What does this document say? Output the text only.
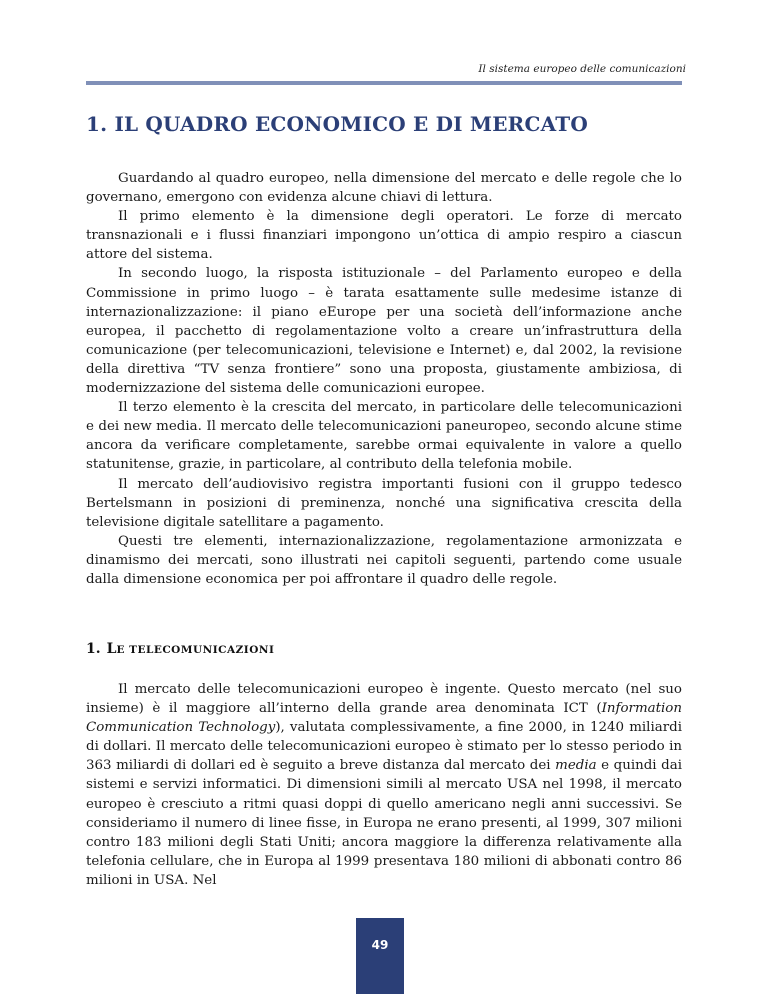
Il sistema europeo delle comunicazioni
1. IL QUADRO ECONOMICO E DI MERCATO

Guardando al quadro europeo, nella dimensione del mercato e delle regole che lo governano, emergono con evidenza alcune chiavi di lettura.

Il primo elemento è la dimensione degli operatori. Le forze di mercato transnazionali e i flussi finanziari impongono un’ottica di ampio respiro a ciascun attore del sistema.

In secondo luogo, la risposta istituzionale – del Parlamento europeo e della Commissione in primo luogo – è tarata esattamente sulle medesime istanze di internazionalizzazione: il piano eEurope per una società dell’informazione anche europea, il pacchetto di regolamentazione volto a creare un’infrastruttura della comunicazione (per telecomunicazioni, televisione e Internet) e, dal 2002, la revisione della direttiva “TV senza frontiere” sono una proposta, giustamente ambiziosa, di modernizzazione del sistema delle comunicazioni europee.

Il terzo elemento è la crescita del mercato, in particolare delle telecomunicazioni e dei new media. Il mercato delle telecomunicazioni paneuropeo, secondo alcune stime ancora da verificare completamente, sarebbe ormai equivalente in valore a quello statunitense, grazie, in particolare, al contributo della telefonia mobile.

Il mercato dell’audiovisivo registra importanti fusioni con il gruppo tedesco Bertelsmann in posizioni di preminenza, nonché una significativa crescita della televisione digitale satellitare a pagamento.

Questi tre elementi, internazionalizzazione, regolamentazione armonizzata e dinamismo dei mercati, sono illustrati nei capitoli seguenti, partendo come usuale dalla dimensione economica per poi affrontare il quadro delle regole.

1. LE TELECOMUNICAZIONI

Il mercato delle telecomunicazioni europeo è ingente. Questo mercato (nel suo insieme) è il maggiore all’interno della grande area denominata ICT (Information Communication Technology), valutata complessivamente, a fine 2000, in 1240 miliardi di dollari. Il mercato delle telecomunicazioni europeo è stimato per lo stesso periodo in 363 miliardi di dollari ed è seguito a breve distanza dal mercato dei media e quindi dai sistemi e servizi informatici. Di dimensioni simili al mercato USA nel 1998, il mercato europeo è cresciuto a ritmi quasi doppi di quello americano negli anni successivi. Se consideriamo il numero di linee fisse, in Europa ne erano presenti, al 1999, 307 milioni contro 183 milioni degli Stati Uniti; ancora maggiore la differenza relativamente alla telefonia cellulare, che in Europa al 1999 presentava 180 milioni di abbonati contro 86 milioni in USA. Nel

49
